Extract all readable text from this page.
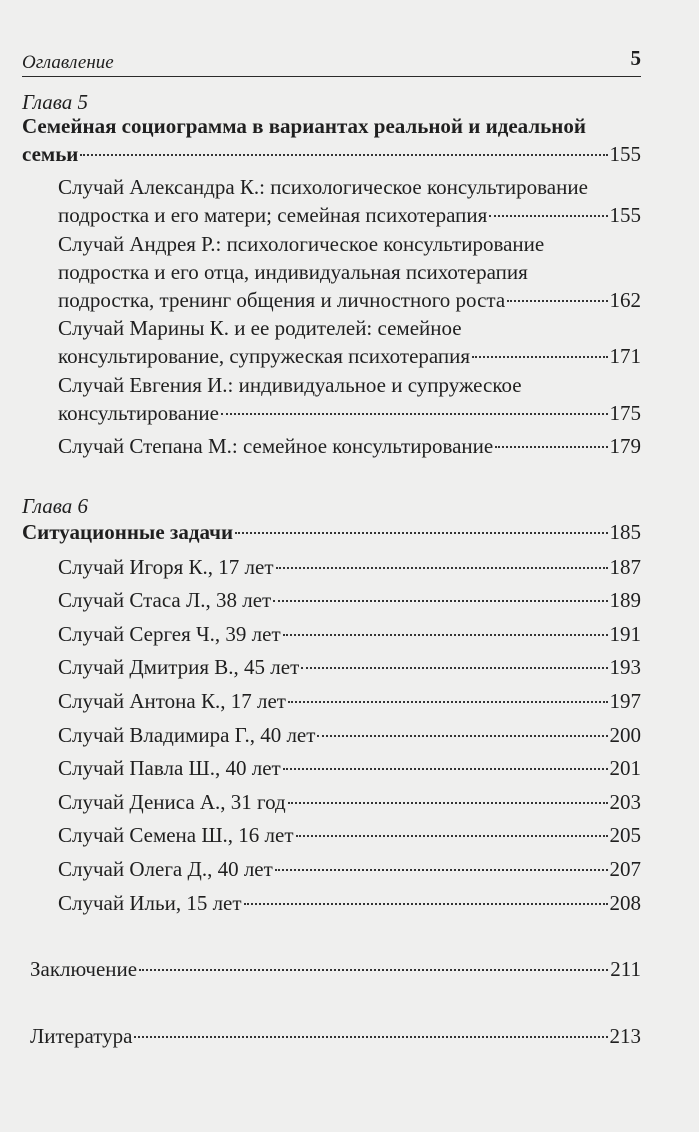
Оглавление	5
Глава 5
Семейная социограмма в вариантах реальной и идеальной
семьи	155
Случай Александра К.: психологическое консультирование
подростка и его матери; семейная психотерапия	155
Случай Андрея Р.: психологическое консультирование
подростка и его отца, индивидуальная психотерапия
подростка, тренинг общения и личностного роста	162
Случай Марины К. и ее родителей: семейное
консультирование, супружеская психотерапия	171
Случай Евгения И.: индивидуальное и супружеское
консультирование	175
Случай Степана М.: семейное консультирование	179
Глава 6
Ситуационные задачи	185
Случай Игоря К., 17 лет	187
Случай Стаса Л., 38 лет	189
Случай Сергея Ч., 39 лет	191
Случай Дмитрия В., 45 лет	193
Случай Антона К., 17 лет	197
Случай Владимира Г., 40 лет	200
Случай Павла Ш., 40 лет	201
Случай Дениса А., 31 год	203
Случай Семена Ш., 16 лет	205
Случай Олега Д., 40 лет	207
Случай Ильи, 15 лет	208
Заключение	211
Литература	213
